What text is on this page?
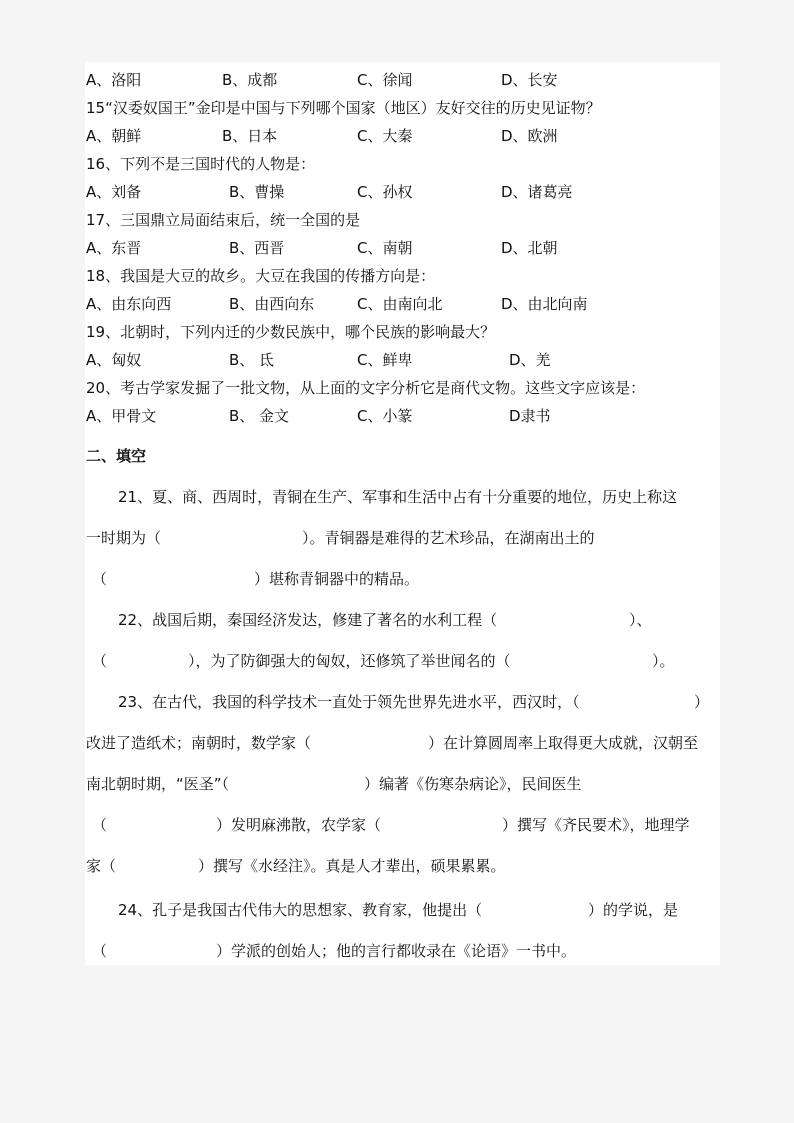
A、洛阳	B、成都	C、徐闻	D、长安
15“汉委奴国王”金印是中国与下列哪个国家（地区）友好交往的历史见证物？
A、朝鲜	B、日本	C、大秦	D、欧洲
16、下列不是三国时代的人物是：
A、刘备	B、曹操	C、孙权	D、诸葛亮
17、三国鼎立局面结束后，统一全国的是
A、东晋	B、西晋	C、南朝	D、北朝
18、我国是大豆的故乡。大豆在我国的传播方向是：
A、由东向西	B、由西向东	C、由南向北	D、由北向南
19、北朝时，下列内迁的少数民族中，哪个民族的影响最大？
A、匈奴	B、 氐	C、鲜卑	D、羌
20、考古学家发掘了一批文物，从上面的文字分析它是商代文物。这些文字应该是：
A、甲骨文	B、 金文	C、小篆	D隶书
二、填空
21、夏、商、西周时，青铜在生产、军事和生活中占有十分重要的地位，历史上称这
一时期为（	）。青铜器是难得的艺术珍品，在湖南出土的
（	）堪称青铜器中的精品。
22、战国后期，秦国经济发达，修建了著名的水利工程（	）、
（	），为了防御强大的匈奴，还修筑了举世闻名的（	）。
23、在古代，我国的科学技术一直处于领先世界先进水平，西汉时，（	）
改进了造纸术；南朝时，数学家（	）在计算圆周率上取得更大成就，汉朝至
南北朝时期，“医圣”（	）编著《伤寒杂病论》，民间医生
（	）发明麻沸散，农学家（	）撰写《齐民要术》，地理学
家（	）撰写《水经注》。真是人才辈出，硕果累累。
24、孔子是我国古代伟大的思想家、教育家，他提出（	）的学说，是
（	）学派的创始人；他的言行都收录在《论语》一书中。
